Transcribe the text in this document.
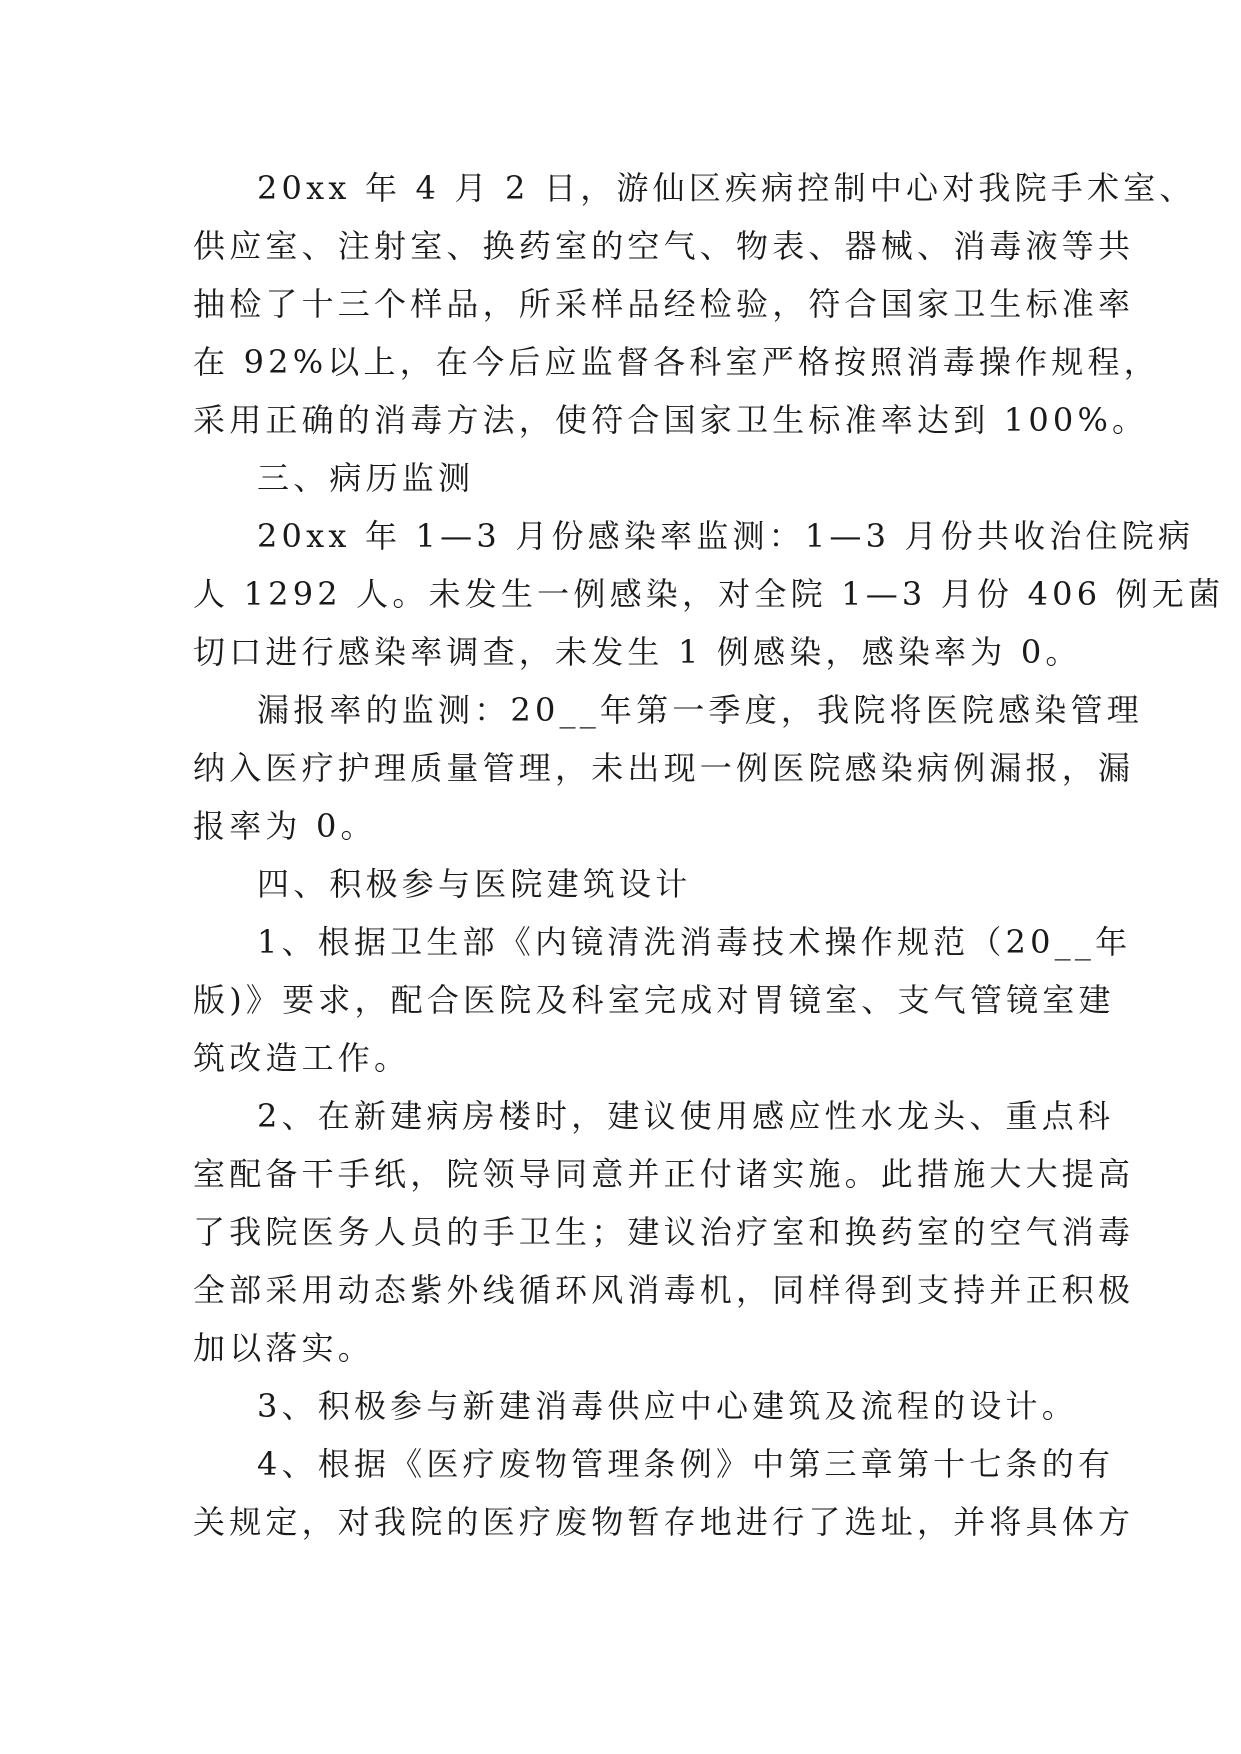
20xx 年 4 月 2 日，游仙区疾病控制中心对我院手术室、
供应室、注射室、换药室的空气、物表、器械、消毒液等共
抽检了十三个样品，所采样品经检验，符合国家卫生标准率
在 92%以上，在今后应监督各科室严格按照消毒操作规程，
采用正确的消毒方法，使符合国家卫生标准率达到 100%。
三、病历监测
20xx 年 1—3 月份感染率监测：1—3 月份共收治住院病
人 1292 人。未发生一例感染，对全院 1—3 月份 406 例无菌
切口进行感染率调查，未发生 1 例感染，感染率为 0。
漏报率的监测：20__年第一季度，我院将医院感染管理
纳入医疗护理质量管理，未出现一例医院感染病例漏报，漏
报率为 0。
四、积极参与医院建筑设计
1、根据卫生部《内镜清洗消毒技术操作规范（20__年
版)》要求，配合医院及科室完成对胃镜室、支气管镜室建
筑改造工作。
2、在新建病房楼时，建议使用感应性水龙头、重点科
室配备干手纸，院领导同意并正付诸实施。此措施大大提高
了我院医务人员的手卫生；建议治疗室和换药室的空气消毒
全部采用动态紫外线循环风消毒机，同样得到支持并正积极
加以落实。
3、积极参与新建消毒供应中心建筑及流程的设计。
4、根据《医疗废物管理条例》中第三章第十七条的有
关规定，对我院的医疗废物暂存地进行了选址，并将具体方
